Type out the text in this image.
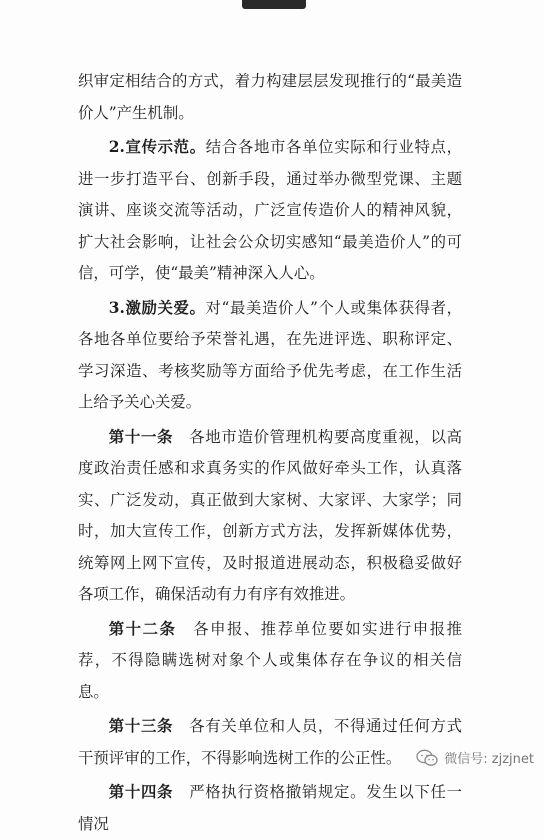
织审定相结合的方式，着力构建层层发现推行的“最美造价人”产生机制。

2.宣传示范。结合各地市各单位实际和行业特点，进一步打造平台、创新手段，通过举办微型党课、主题演讲、座谈交流等活动，广泛宣传造价人的精神风貌，扩大社会影响，让社会公众切实感知“最美造价人”的可信，可学，使“最美”精神深入人心。

3.激励关爱。对“最美造价人”个人或集体获得者，各地各单位要给予荣誉礼遇，在先进评选、职称评定、学习深造、考核奖励等方面给予优先考虑，在工作生活上给予关心关爱。

第十一条　各地市造价管理机构要高度重视，以高度政治责任感和求真务实的作风做好牵头工作，认真落实、广泛发动，真正做到大家树、大家评、大家学；同时，加大宣传工作，创新方式方法，发挥新媒体优势，统筹网上网下宣传，及时报道进展动态，积极稳妥做好各项工作，确保活动有力有序有效推进。

第十二条　各申报、推荐单位要如实进行申报推荐，不得隐瞒选树对象个人或集体存在争议的相关信息。

第十三条　各有关单位和人员，不得通过任何方式干预评审的工作，不得影响选树工作的公正性。

第十四条　严格执行资格撤销规定。发生以下任一情况

微信号: zjzjnet
